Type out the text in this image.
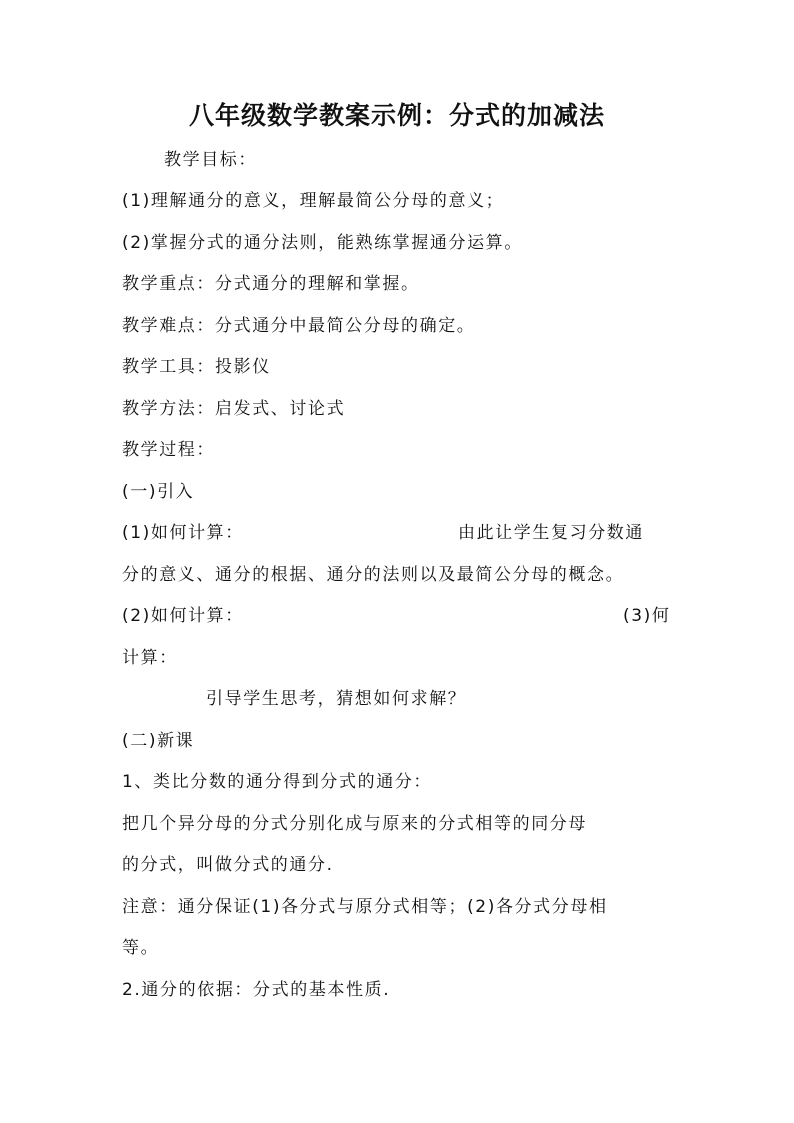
八年级数学教案示例：分式的加减法
教学目标：
(1)理解通分的意义，理解最简公分母的意义；
(2)掌握分式的通分法则，能熟练掌握通分运算。
教学重点：分式通分的理解和掌握。
教学难点：分式通分中最简公分母的确定。
教学工具：投影仪
教学方法：启发式、讨论式
教学过程：
(一)引入
(1)如何计算：	由此让学生复习分数通
分的意义、通分的根据、通分的法则以及最简公分母的概念。
(2)如何计算：	(3)何
计算：
引导学生思考，猜想如何求解？
(二)新课
1、类比分数的通分得到分式的通分：
把几个异分母的分式分别化成与原来的分式相等的同分母
的分式，叫做分式的通分.
注意：通分保证(1)各分式与原分式相等；(2)各分式分母相
等。
2.通分的依据：分式的基本性质.
